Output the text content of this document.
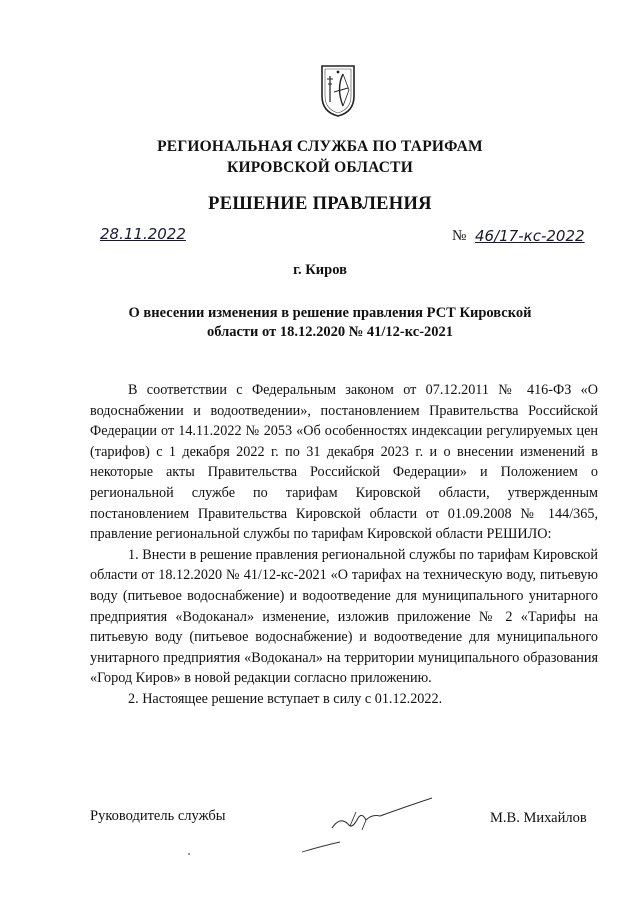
РЕГИОНАЛЬНАЯ СЛУЖБА ПО ТАРИФАМ
КИРОВСКОЙ ОБЛАСТИ
РЕШЕНИЕ ПРАВЛЕНИЯ
28.11.2022	№ 46/17-кс-2022
г. Киров
О внесении изменения в решение правления РСТ Кировской области от 18.12.2020 № 41/12-кс-2021

В соответствии с Федеральным законом от 07.12.2011 № 416-ФЗ «О водоснабжении и водоотведении», постановлением Правительства Российской Федерации от 14.11.2022 № 2053 «Об особенностях индексации регулируемых цен (тарифов) с 1 декабря 2022 г. по 31 декабря 2023 г. и о внесении изменений в некоторые акты Правительства Российской Федерации» и Положением о региональной службе по тарифам Кировской области, утвержденным постановлением Правительства Кировской области от 01.09.2008 № 144/365, правление региональной службы по тарифам Кировской области РЕШИЛО:

1. Внести в решение правления региональной службы по тарифам Кировской области от 18.12.2020 № 41/12-кс-2021 «О тарифах на техническую воду, питьевую воду (питьевое водоснабжение) и водоотведение для муниципального унитарного предприятия «Водоканал» изменение, изложив приложение № 2 «Тарифы на питьевую воду (питьевое водоснабжение) и водоотведение для муниципального унитарного предприятия «Водоканал» на территории муниципального образования «Город Киров» в новой редакции согласно приложению.

2. Настоящее решение вступает в силу с 01.12.2022.

Руководитель службы	М.В. Михайлов
